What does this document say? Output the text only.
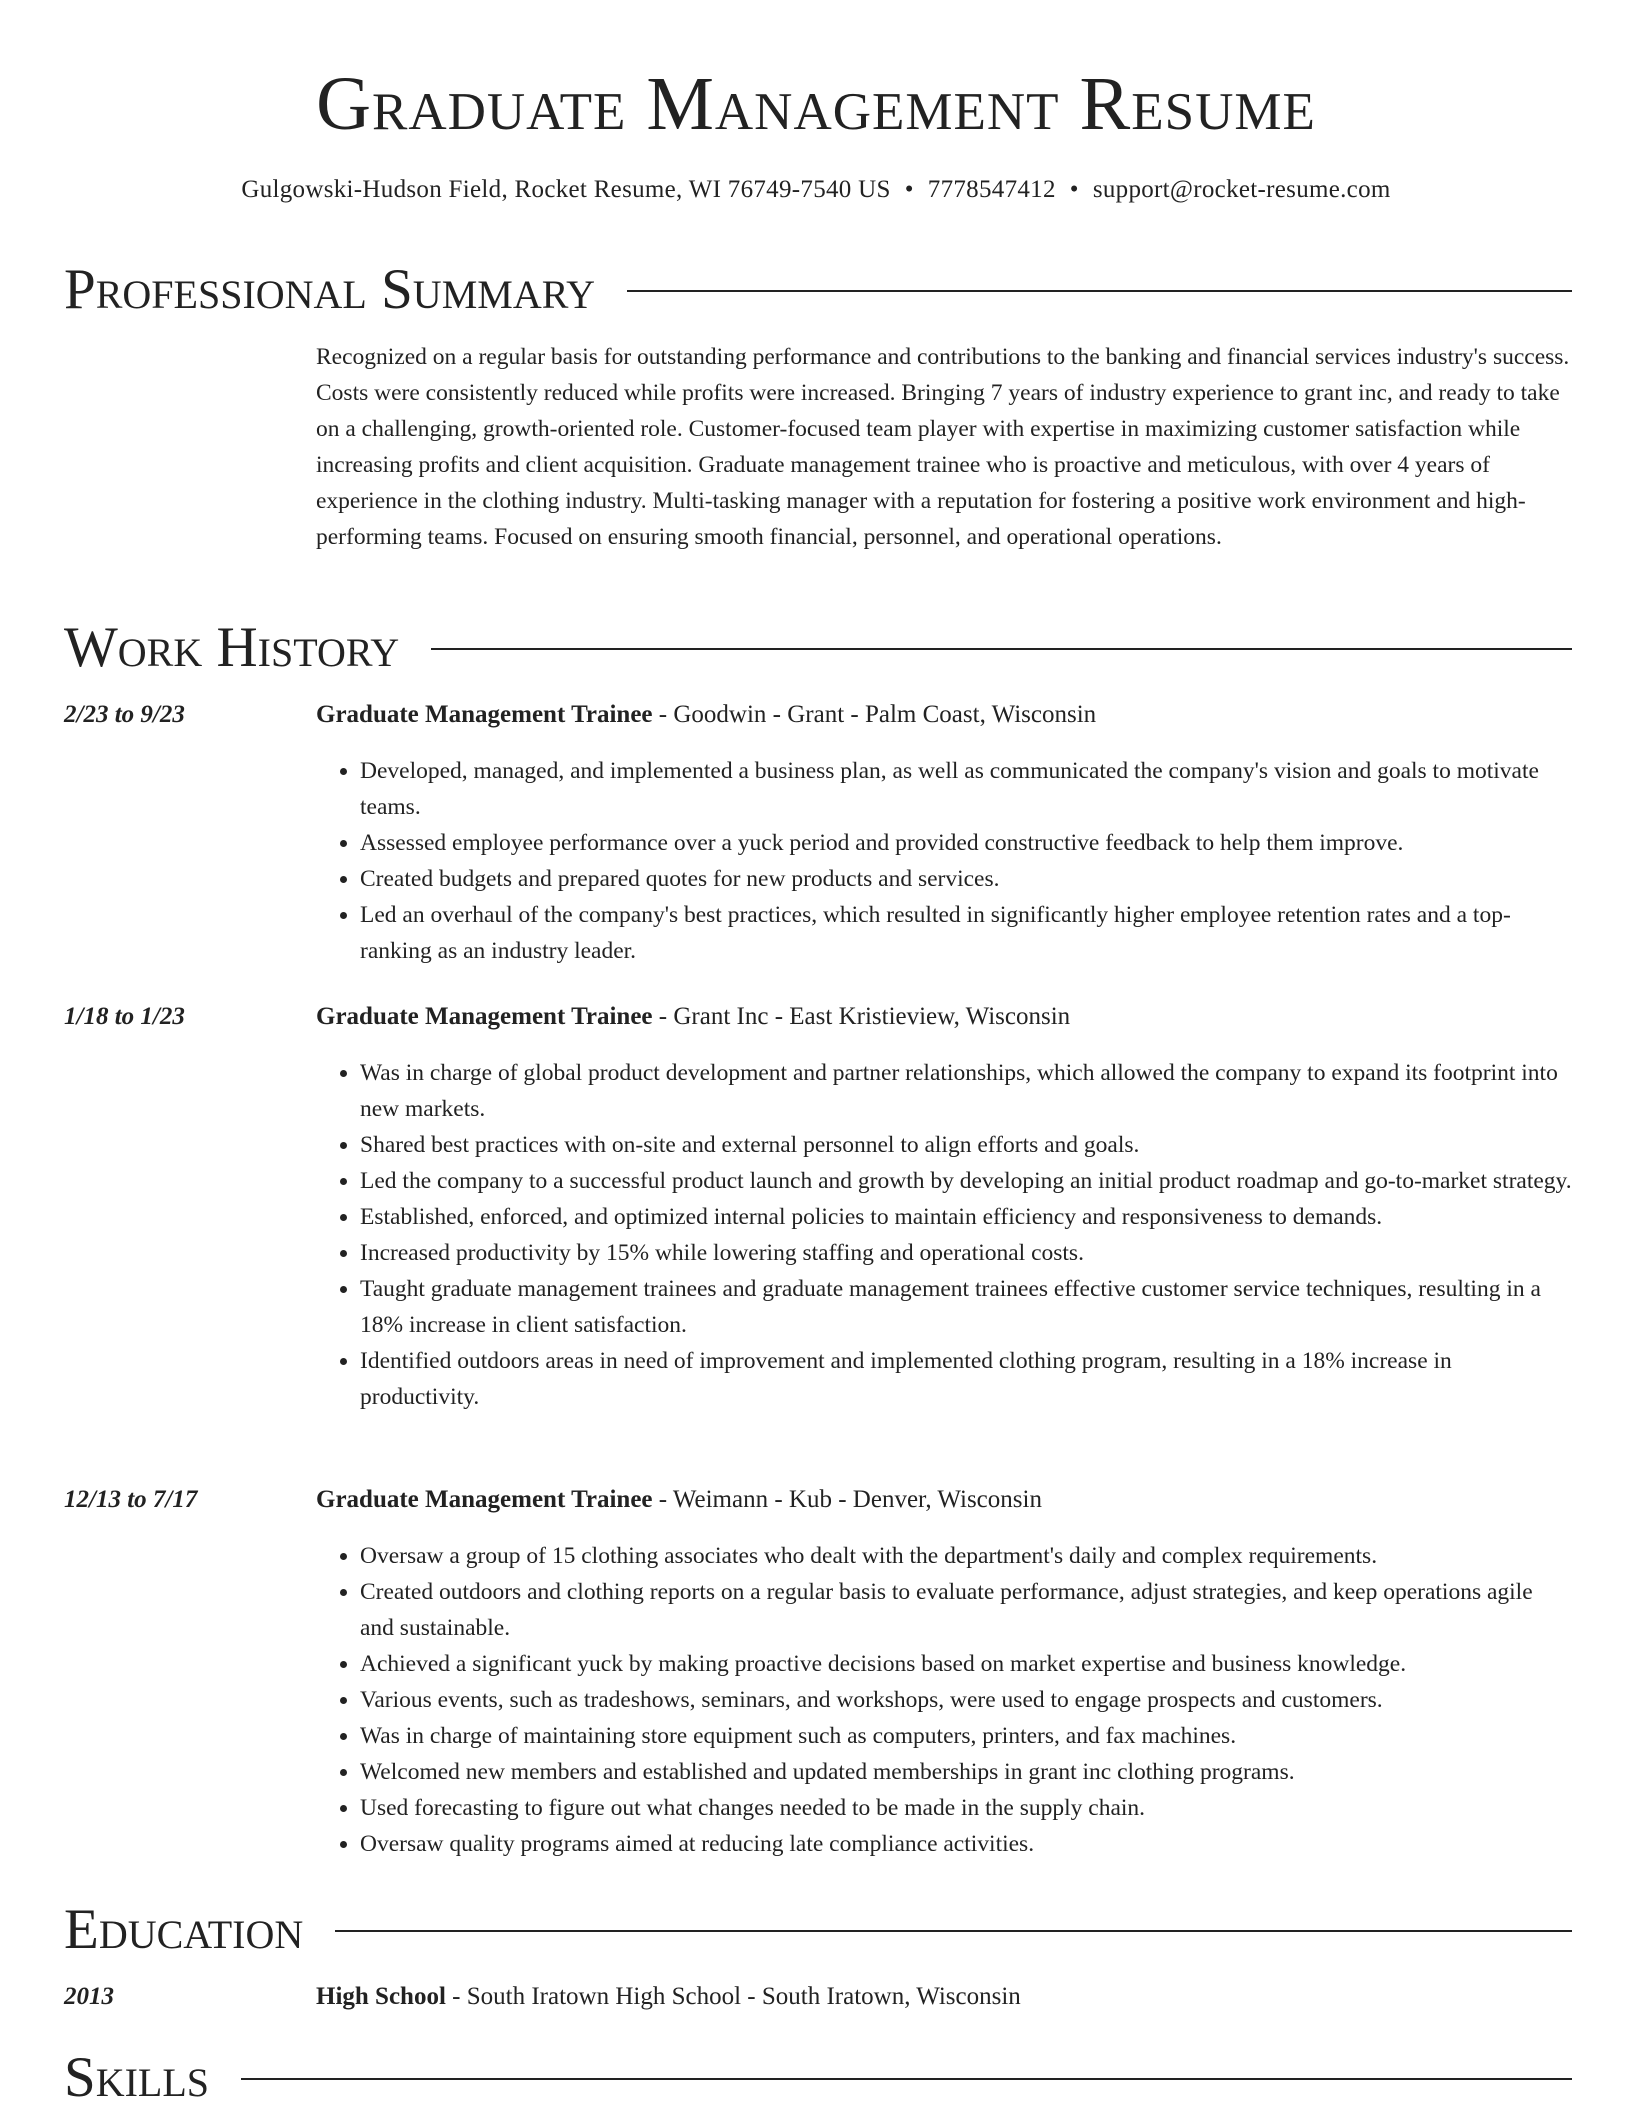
Graduate Management Resume
Gulgowski-Hudson Field, Rocket Resume, WI 76749-7540 US • 7778547412 • support@rocket-resume.com
Professional Summary

Recognized on a regular basis for outstanding performance and contributions to the banking and financial services industry's success. Costs were consistently reduced while profits were increased. Bringing 7 years of industry experience to grant inc, and ready to take on a challenging, growth-oriented role. Customer-focused team player with expertise in maximizing customer satisfaction while increasing profits and client acquisition. Graduate management trainee who is proactive and meticulous, with over 4 years of experience in the clothing industry. Multi-tasking manager with a reputation for fostering a positive work environment and high-performing teams. Focused on ensuring smooth financial, personnel, and operational operations.

Work History
2/23 to 9/23	Graduate Management Trainee - Goodwin - Grant - Palm Coast, Wisconsin
• Developed, managed, and implemented a business plan, as well as communicated the company's vision and goals to motivate teams.
• Assessed employee performance over a yuck period and provided constructive feedback to help them improve.
• Created budgets and prepared quotes for new products and services.
• Led an overhaul of the company's best practices, which resulted in significantly higher employee retention rates and a top-ranking as an industry leader.
1/18 to 1/23	Graduate Management Trainee - Grant Inc - East Kristieview, Wisconsin
• Was in charge of global product development and partner relationships, which allowed the company to expand its footprint into new markets.
• Shared best practices with on-site and external personnel to align efforts and goals.
• Led the company to a successful product launch and growth by developing an initial product roadmap and go-to-market strategy.
• Established, enforced, and optimized internal policies to maintain efficiency and responsiveness to demands.
• Increased productivity by 15% while lowering staffing and operational costs.
• Taught graduate management trainees and graduate management trainees effective customer service techniques, resulting in a 18% increase in client satisfaction.
• Identified outdoors areas in need of improvement and implemented clothing program, resulting in a 18% increase in productivity.
12/13 to 7/17	Graduate Management Trainee - Weimann - Kub - Denver, Wisconsin
• Oversaw a group of 15 clothing associates who dealt with the department's daily and complex requirements.
• Created outdoors and clothing reports on a regular basis to evaluate performance, adjust strategies, and keep operations agile and sustainable.
• Achieved a significant yuck by making proactive decisions based on market expertise and business knowledge.
• Various events, such as tradeshows, seminars, and workshops, were used to engage prospects and customers.
• Was in charge of maintaining store equipment such as computers, printers, and fax machines.
• Welcomed new members and established and updated memberships in grant inc clothing programs.
• Used forecasting to figure out what changes needed to be made in the supply chain.
• Oversaw quality programs aimed at reducing late compliance activities.
Education
2013	High School - South Iratown High School - South Iratown, Wisconsin
Skills
